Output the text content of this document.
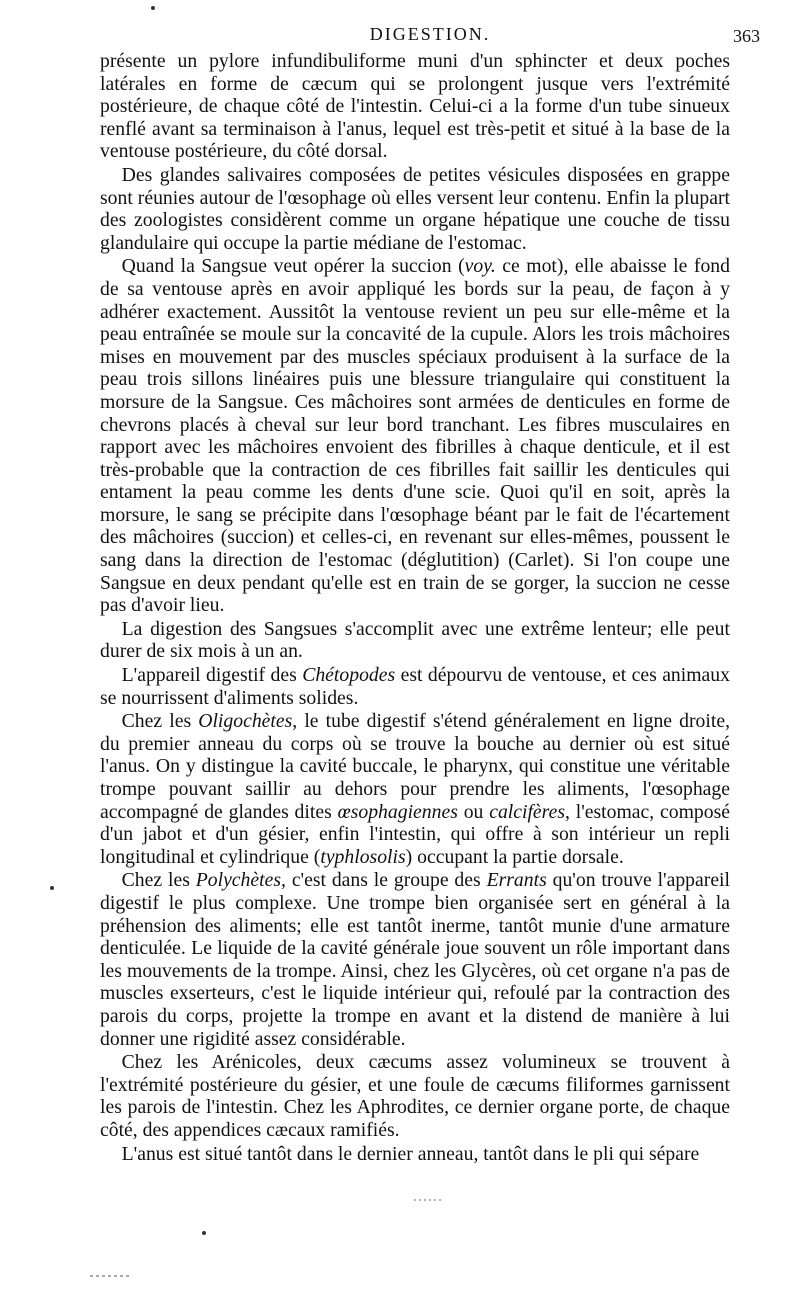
DIGESTION.	363

présente un pylore infundibuliforme muni d'un sphincter et deux poches latérales en forme de cæcum qui se prolongent jusque vers l'extrémité postérieure, de chaque côté de l'intestin. Celui-ci a la forme d'un tube sinueux renflé avant sa terminaison à l'anus, lequel est très-petit et situé à la base de la ventouse postérieure, du côté dorsal.

Des glandes salivaires composées de petites vésicules disposées en grappe sont réunies autour de l'œsophage où elles versent leur contenu. Enfin la plupart des zoologistes considèrent comme un organe hépatique une couche de tissu glandulaire qui occupe la partie médiane de l'estomac.

Quand la Sangsue veut opérer la succion (voy. ce mot), elle abaisse le fond de sa ventouse après en avoir appliqué les bords sur la peau, de façon à y adhérer exactement. Aussitôt la ventouse revient un peu sur elle-même et la peau entraînée se moule sur la concavité de la cupule. Alors les trois mâchoires mises en mouvement par des muscles spéciaux produisent à la surface de la peau trois sillons linéaires puis une blessure triangulaire qui constituent la morsure de la Sangsue. Ces mâchoires sont armées de denticules en forme de chevrons placés à cheval sur leur bord tranchant. Les fibres musculaires en rapport avec les mâchoires envoient des fibrilles à chaque denticule, et il est très-probable que la contraction de ces fibrilles fait saillir les denticules qui entament la peau comme les dents d'une scie. Quoi qu'il en soit, après la morsure, le sang se précipite dans l'œsophage béant par le fait de l'écartement des mâchoires (succion) et celles-ci, en revenant sur elles-mêmes, poussent le sang dans la direction de l'estomac (déglutition) (Carlet). Si l'on coupe une Sangsue en deux pendant qu'elle est en train de se gorger, la succion ne cesse pas d'avoir lieu.

La digestion des Sangsues s'accomplit avec une extrême lenteur; elle peut durer de six mois à un an.

L'appareil digestif des Chétopodes est dépourvu de ventouse, et ces animaux se nourrissent d'aliments solides.

Chez les Oligochètes, le tube digestif s'étend généralement en ligne droite, du premier anneau du corps où se trouve la bouche au dernier où est situé l'anus. On y distingue la cavité buccale, le pharynx, qui constitue une véritable trompe pouvant saillir au dehors pour prendre les aliments, l'œsophage accompagné de glandes dites œsophagiennes ou calcifères, l'estomac, composé d'un jabot et d'un gésier, enfin l'intestin, qui offre à son intérieur un repli longitudinal et cylindrique (typhlosolis) occupant la partie dorsale.

Chez les Polychètes, c'est dans le groupe des Errants qu'on trouve l'appareil digestif le plus complexe. Une trompe bien organisée sert en général à la préhension des aliments; elle est tantôt inerme, tantôt munie d'une armature denticulée. Le liquide de la cavité générale joue souvent un rôle important dans les mouvements de la trompe. Ainsi, chez les Glycères, où cet organe n'a pas de muscles exserteurs, c'est le liquide intérieur qui, refoulé par la contraction des parois du corps, projette la trompe en avant et la distend de manière à lui donner une rigidité assez considérable.

Chez les Arénicoles, deux cæcums assez volumineux se trouvent à l'extrémité postérieure du gésier, et une foule de cæcums filiformes garnissent les parois de l'intestin. Chez les Aphrodites, ce dernier organe porte, de chaque côté, des appendices cæcaux ramifiés.

L'anus est situé tantôt dans le dernier anneau, tantôt dans le pli qui sépare
